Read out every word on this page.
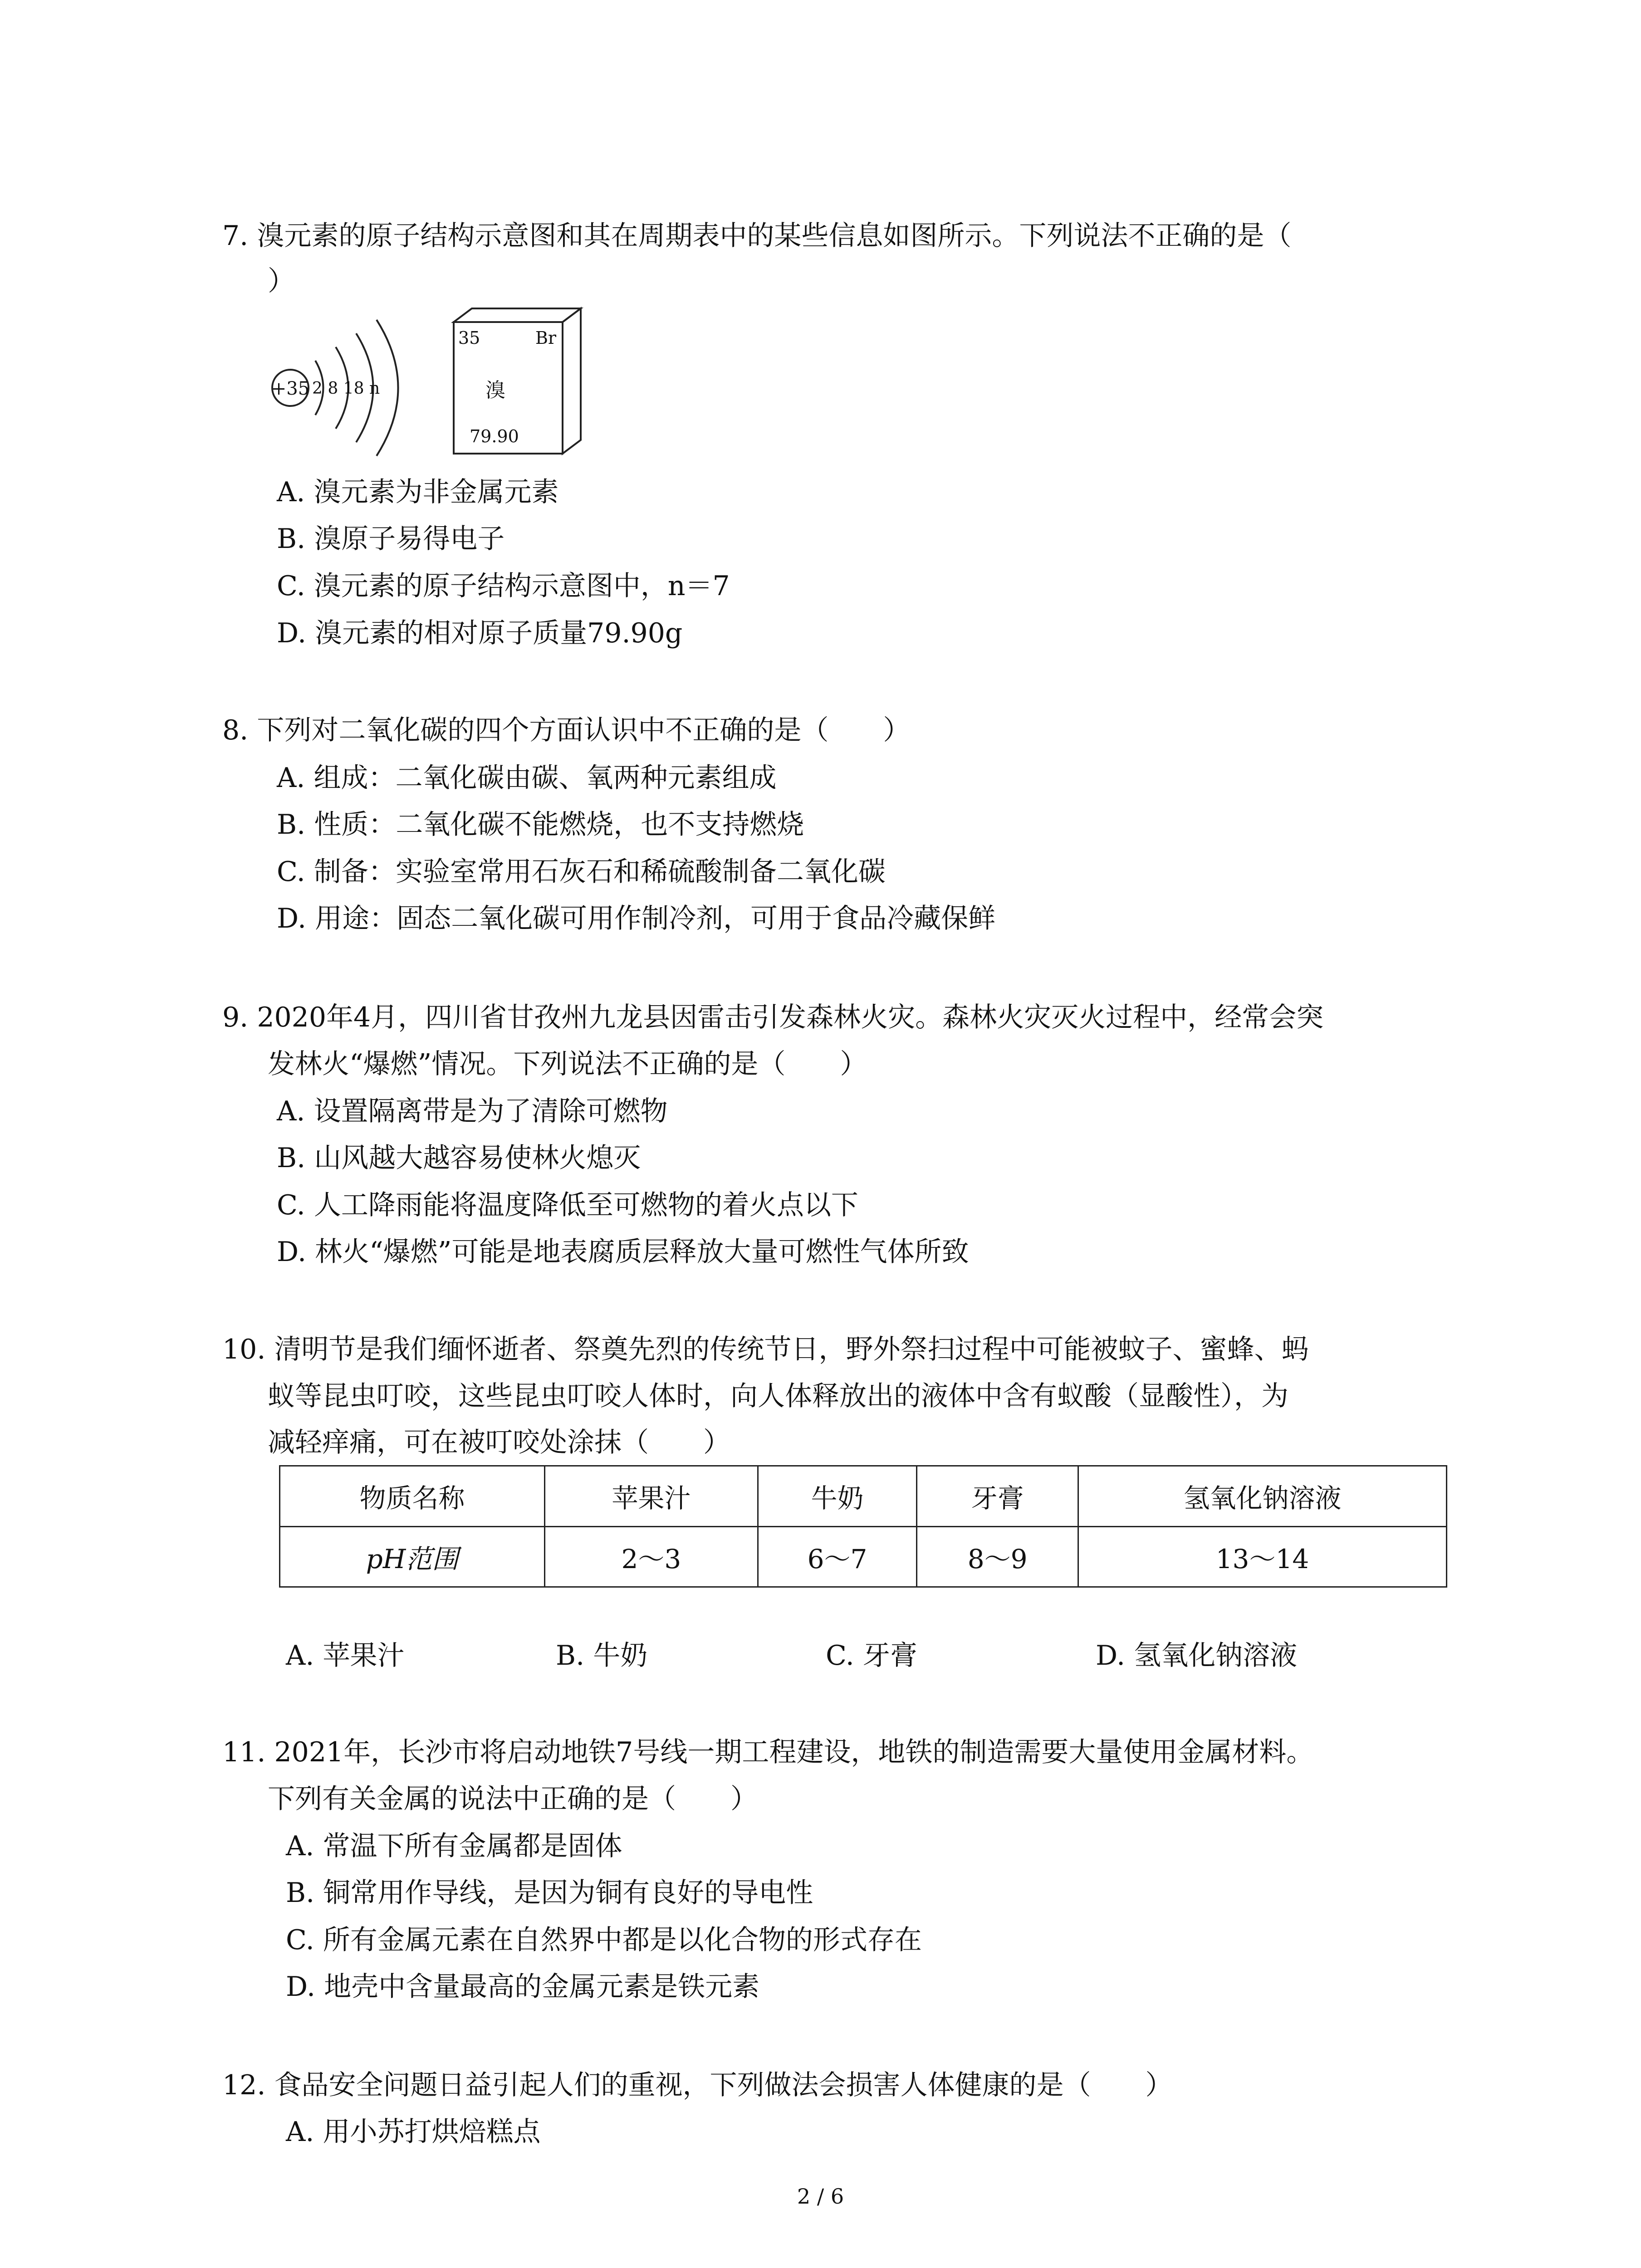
7. 溴元素的原子结构示意图和其在周期表中的某些信息如图所示。下列说法不正确的是（
）
+35 2 8 18 n
35	Br
溴
79.90
A. 溴元素为非金属元素
B. 溴原子易得电子
C. 溴元素的原子结构示意图中，n＝7
D. 溴元素的相对原子质量79.90g
8. 下列对二氧化碳的四个方面认识中不正确的是（　　）
A. 组成：二氧化碳由碳、氧两种元素组成
B. 性质：二氧化碳不能燃烧，也不支持燃烧
C. 制备：实验室常用石灰石和稀硫酸制备二氧化碳
D. 用途：固态二氧化碳可用作制冷剂，可用于食品冷藏保鲜
9. 2020年4月，四川省甘孜州九龙县因雷击引发森林火灾。森林火灾灭火过程中，经常会突
发林火“爆燃”情况。下列说法不正确的是（　　）
A. 设置隔离带是为了清除可燃物
B. 山风越大越容易使林火熄灭
C. 人工降雨能将温度降低至可燃物的着火点以下
D. 林火“爆燃”可能是地表腐质层释放大量可燃性气体所致
10. 清明节是我们缅怀逝者、祭奠先烈的传统节日，野外祭扫过程中可能被蚊子、蜜蜂、蚂
蚁等昆虫叮咬，这些昆虫叮咬人体时，向人体释放出的液体中含有蚁酸（显酸性），为
减轻痒痛，可在被叮咬处涂抹（　　）
物质名称	苹果汁	牛奶	牙膏	氢氧化钠溶液
pH范围	2～3	6～7	8～9	13～14
A. 苹果汁	B. 牛奶	C. 牙膏	D. 氢氧化钠溶液
11. 2021年，长沙市将启动地铁7号线一期工程建设，地铁的制造需要大量使用金属材料。
下列有关金属的说法中正确的是（　　）
A. 常温下所有金属都是固体
B. 铜常用作导线，是因为铜有良好的导电性
C. 所有金属元素在自然界中都是以化合物的形式存在
D. 地壳中含量最高的金属元素是铁元素
12. 食品安全问题日益引起人们的重视，下列做法会损害人体健康的是（　　）
A. 用小苏打烘焙糕点
2 / 6
